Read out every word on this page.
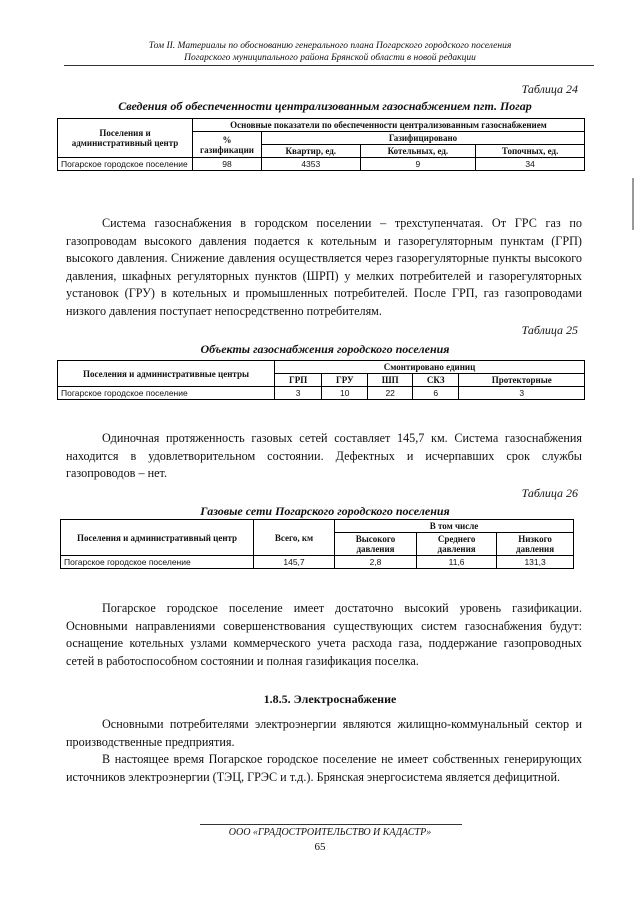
Том II. Материалы по обоснованию генерального плана Погарского городского поселения
Погарского муниципального района Брянской области в новой редакции
Таблица 24
Сведения об обеспеченности централизованным газоснабжением пгт. Погар
Поселения и административный центр	Основные показатели по обеспеченности централизованным газоснабжением			
	% газификации	Газифицировано		
		Квартир, ед.	Котельных, ед.	Топочных, ед.
Погарское городское поселение	98	4353	9	34

Система газоснабжения в городском поселении – трехступенчатая. От ГРС газ по газопроводам высокого давления подается к котельным и газорегуляторным пунктам (ГРП) высокого давления. Снижение давления осуществляется через газорегуляторные пункты высокого давления, шкафных регуляторных пунктов (ШРП) у мелких потребителей и газорегуляторных установок (ГРУ) в котельных и промышленных потребителей. После ГРП, газ газопроводами низкого давления поступает непосредственно потребителям.

Таблица 25
Объекты газоснабжения городского поселения
Поселения и административные центры	Смонтировано единиц				
	ГРП	ГРУ	ШП	СКЗ	Протекторные
Погарское городское поселение	3	10	22	6	3

Одиночная протяженность газовых сетей составляет 145,7 км. Система газоснабжения находится в удовлетворительном состоянии. Дефектных и исчерпавших срок службы газопроводов – нет.

Таблица 26
Газовые сети Погарского городского поселения
Поселения и административный центр	Всего, км	В том числе		
		Высокого давления	Среднего давления	Низкого давления
Погарское городское поселение	145,7	2,8	11,6	131,3

Погарское городское поселение имеет достаточно высокий уровень газификации. Основными направлениями совершенствования существующих систем газоснабжения будут: оснащение котельных узлами коммерческого учета расхода газа, поддержание газопроводных сетей в работоспособном состоянии и полная газификация поселка.

1.8.5. Электроснабжение

Основными потребителями электроэнергии являются жилищно-коммунальный сектор и производственные предприятия.

В настоящее время Погарское городское поселение не имеет собственных генерирующих источников электроэнергии (ТЭЦ, ГРЭС и т.д.). Брянская энергосистема является дефицитной.

ООО «ГРАДОСТРОИТЕЛЬСТВО И КАДАСТР»
65
